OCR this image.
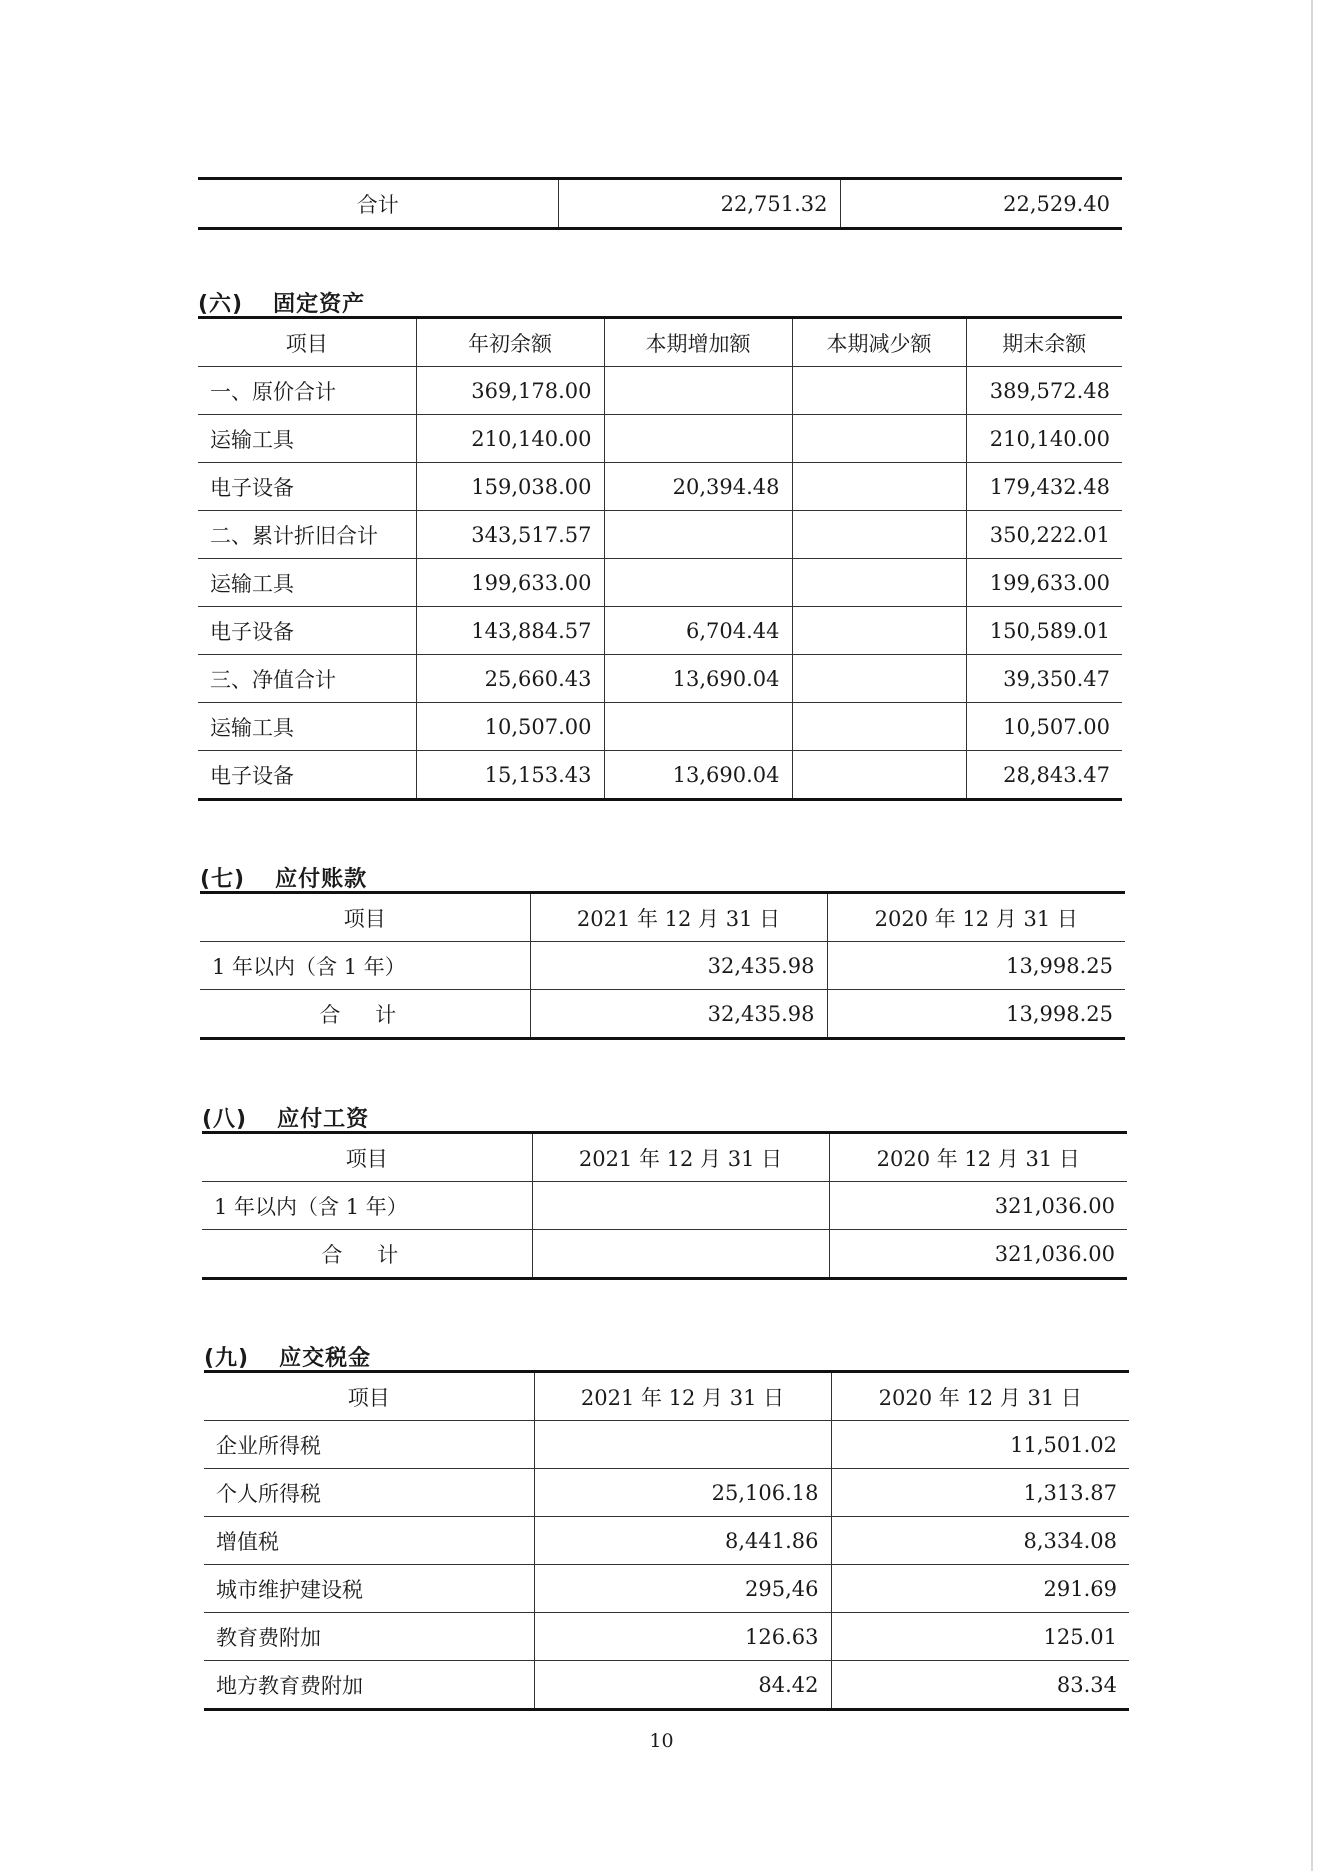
合计	22,751.32	22,529.40
(六) 固定资产
项目	年初余额	本期增加额	本期减少额	期末余额
一、原价合计	369,178.00			389,572.48
运输工具	210,140.00			210,140.00
电子设备	159,038.00	20,394.48		179,432.48
二、累计折旧合计	343,517.57			350,222.01
运输工具	199,633.00			199,633.00
电子设备	143,884.57	6,704.44		150,589.01
三、净值合计	25,660.43	13,690.04		39,350.47
运输工具	10,507.00			10,507.00
电子设备	15,153.43	13,690.04		28,843.47
(七) 应付账款
项目	2021 年 12 月 31 日	2020 年 12 月 31 日
1 年以内（含 1 年）	32,435.98	13,998.25
合 计	32,435.98	13,998.25
(八) 应付工资
项目	2021 年 12 月 31 日	2020 年 12 月 31 日
1 年以内（含 1 年）		321,036.00
合 计		321,036.00
(九) 应交税金
项目	2021 年 12 月 31 日	2020 年 12 月 31 日
企业所得税		11,501.02
个人所得税	25,106.18	1,313.87
增值税	8,441.86	8,334.08
城市维护建设税	295,46	291.69
教育费附加	126.63	125.01
地方教育费附加	84.42	83.34
10
